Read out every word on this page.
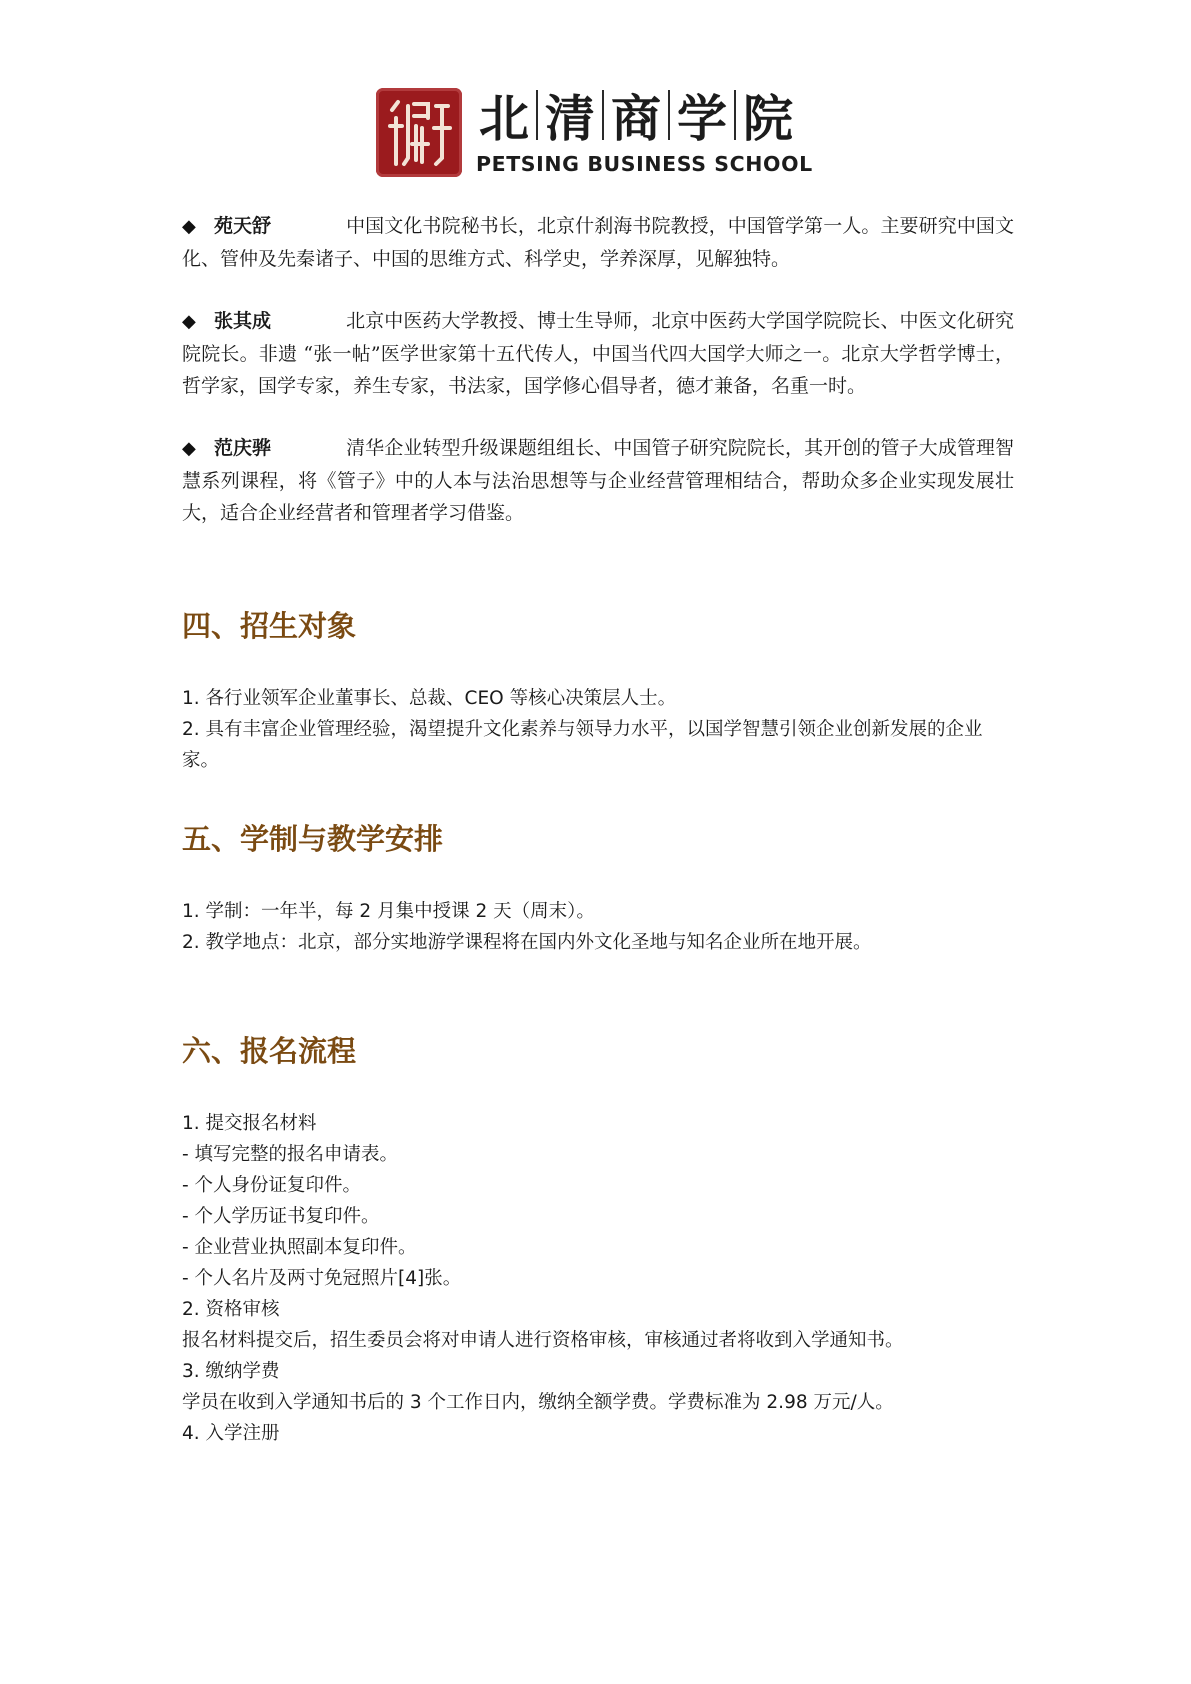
北 清 商 学 院
PETSING BUSINESS SCHOOL

◆ 苑天舒	中国文化书院秘书长，北京什刹海书院教授，中国管学第一人。主要研究中国文化、管仲及先秦诸子、中国的思维方式、科学史，学养深厚，见解独特。

◆ 张其成	北京中医药大学教授、博士生导师，北京中医药大学国学院院长、中医文化研究院院长。非遗 “张一帖”医学世家第十五代传人，中国当代四大国学大师之一。北京大学哲学博士，哲学家，国学专家，养生专家，书法家，国学修心倡导者，德才兼备，名重一时。

◆ 范庆骅	清华企业转型升级课题组组长、中国管子研究院院长，其开创的管子大成管理智慧系列课程，将《管子》中的人本与法治思想等与企业经营管理相结合，帮助众多企业实现发展壮大，适合企业经营者和管理者学习借鉴。

四、招生对象

1. 各行业领军企业董事长、总裁、CEO 等核心决策层人士。

2. 具有丰富企业管理经验，渴望提升文化素养与领导力水平，以国学智慧引领企业创新发展的企业家。

五、学制与教学安排

1. 学制：一年半，每 2 月集中授课 2 天（周末）。

2. 教学地点：北京，部分实地游学课程将在国内外文化圣地与知名企业所在地开展。

六、报名流程

1. 提交报名材料

- 填写完整的报名申请表。

- 个人身份证复印件。

- 个人学历证书复印件。

- 企业营业执照副本复印件。

- 个人名片及两寸免冠照片[4]张。

2. 资格审核

报名材料提交后，招生委员会将对申请人进行资格审核，审核通过者将收到入学通知书。

3. 缴纳学费

学员在收到入学通知书后的 3 个工作日内，缴纳全额学费。学费标准为 2.98 万元/人。

4. 入学注册
